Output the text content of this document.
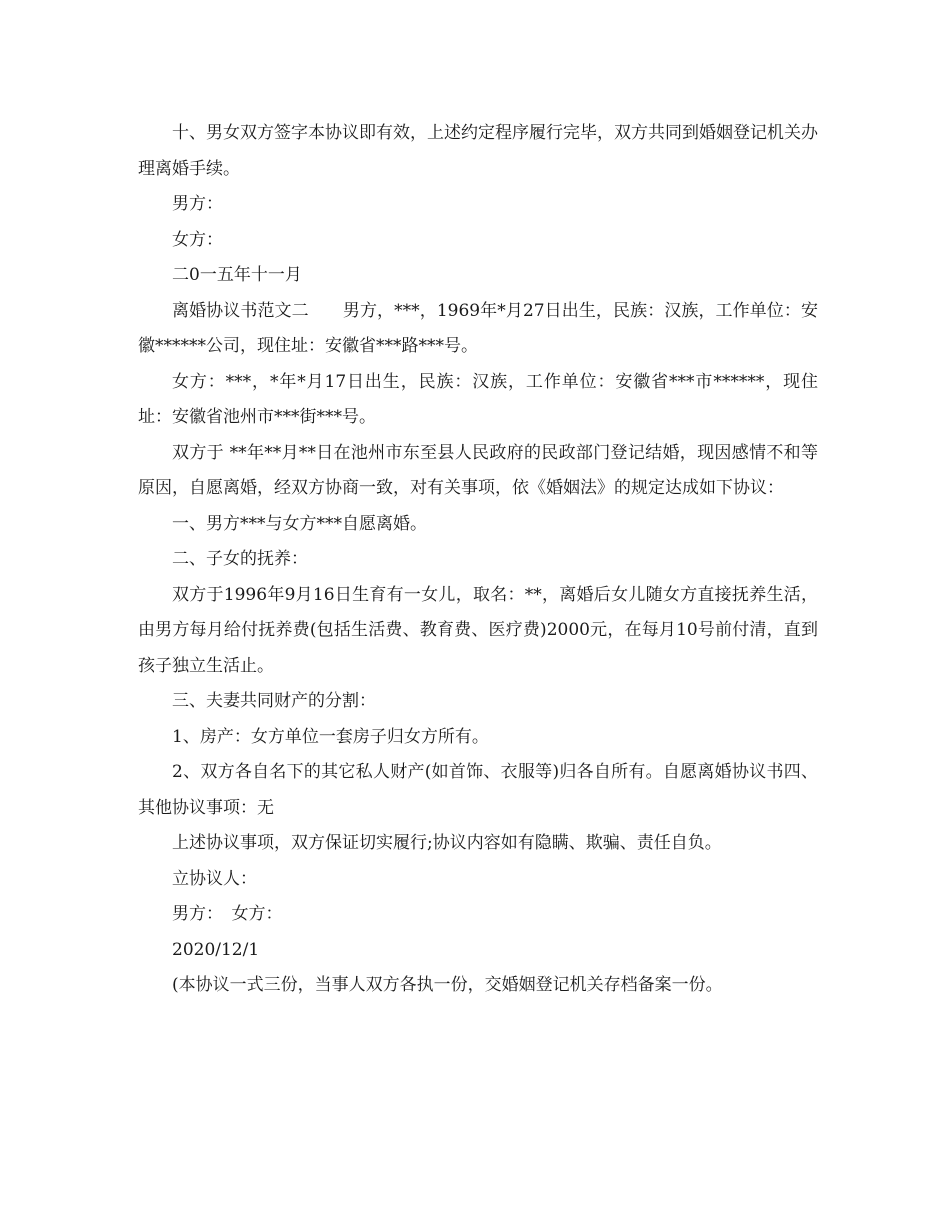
十、男女双方签字本协议即有效，上述约定程序履行完毕，双方共同到婚姻登记机关办理离婚手续。

男方：

女方：

二0一五年十一月

离婚协议书范文二　　男方，***，1969年*月27日出生，民族：汉族，工作单位：安徽******公司，现住址：安徽省***路***号。

女方：***，*年*月17日出生，民族：汉族，工作单位：安徽省***市******，现住址：安徽省池州市***街***号。

双方于 **年**月**日在池州市东至县人民政府的民政部门登记结婚，现因感情不和等原因，自愿离婚，经双方协商一致，对有关事项，依《婚姻法》的规定达成如下协议：

一、男方***与女方***自愿离婚。

二、子女的抚养：

双方于1996年9月16日生育有一女儿，取名：**，离婚后女儿随女方直接抚养生活，由男方每月给付抚养费(包括生活费、教育费、医疗费)2000元，在每月10号前付清，直到孩子独立生活止。

三、夫妻共同财产的分割：

1、房产：女方单位一套房子归女方所有。

2、双方各自名下的其它私人财产(如首饰、衣服等)归各自所有。自愿离婚协议书四、其他协议事项：无

上述协议事项，双方保证切实履行;协议内容如有隐瞒、欺骗、责任自负。

立协议人：

男方：　女方：

2020/12/1

(本协议一式三份，当事人双方各执一份，交婚姻登记机关存档备案一份。
